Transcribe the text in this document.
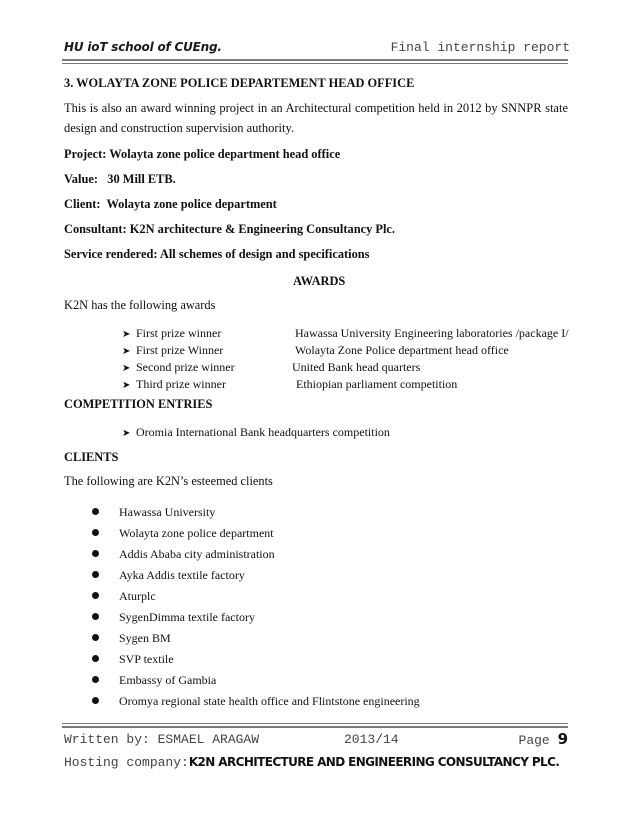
HU ioT school of CUEng.	Final internship report
3. WOLAYTA ZONE POLICE DEPARTEMENT HEAD OFFICE
This is also an award winning project in an Architectural competition held in 2012 by SNNPR state design and construction supervision authority.
Project: Wolayta zone police department head office
Value:   30 Mill ETB.
Client:  Wolayta zone police department
Consultant: K2N architecture & Engineering Consultancy Plc.
Service rendered: All schemes of design and specifications
AWARDS
K2N has the following awards
➤ First prize winner	Hawassa University Engineering laboratories /package I/
➤ First prize Winner	Wolayta Zone Police department head office
➤ Second prize winner	United Bank head quarters
➤ Third prize winner	Ethiopian parliament competition
COMPETITION ENTRIES
➤ Oromia International Bank headquarters competition
CLIENTS
The following are K2N’s esteemed clients
Hawassa University
Wolayta zone police department
Addis Ababa city administration
Ayka Addis textile factory
Aturplc
SygenDimma textile factory
Sygen BM
SVP textile
Embassy of Gambia
Oromya regional state health office and Flintstone engineering
Written by: ESMAEL ARAGAW	2013/14	Page 9
Hosting company:K2N ARCHITECTURE AND ENGINEERING CONSULTANCY PLC.
